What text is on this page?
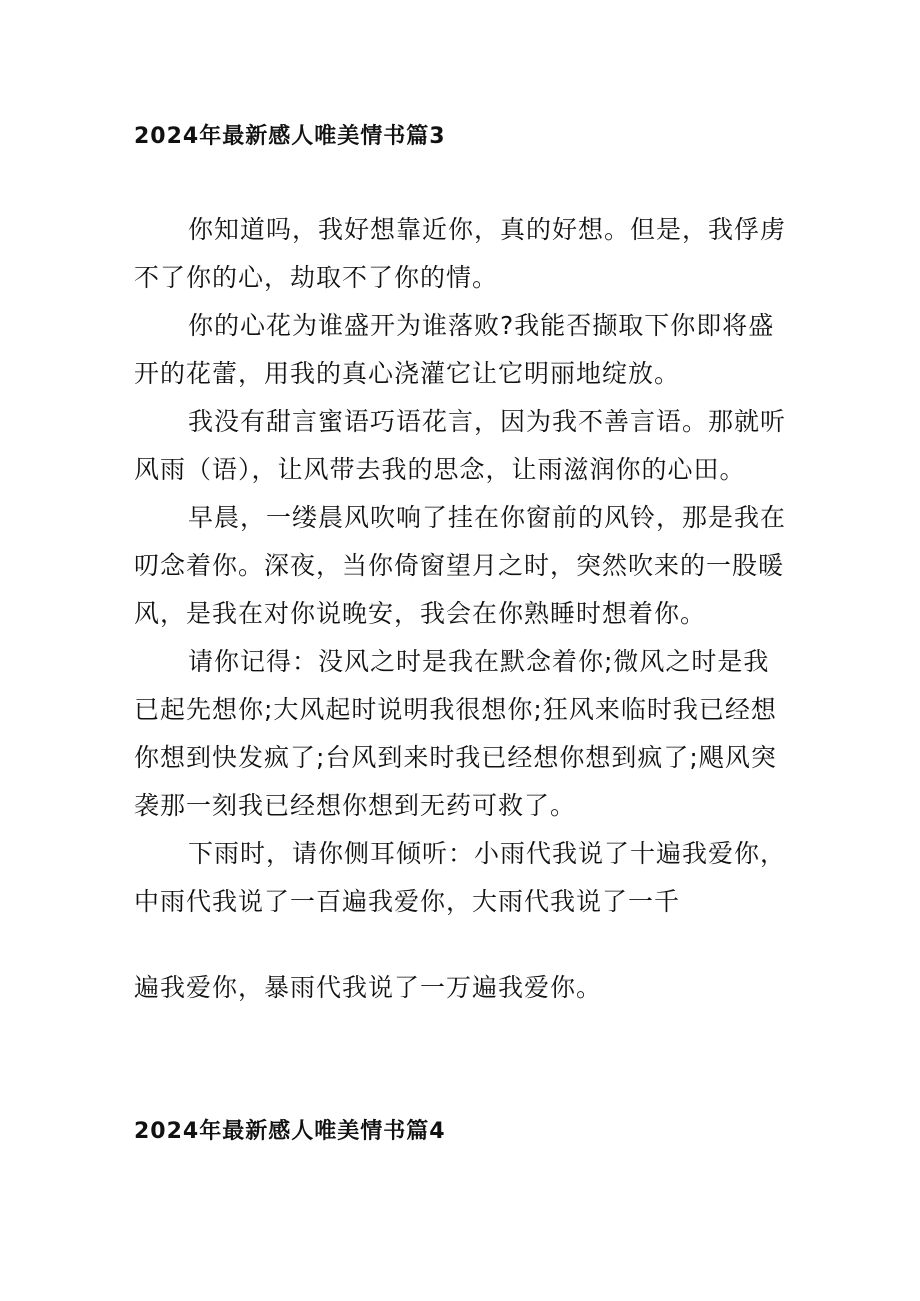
2024年最新感人唯美情书篇3

你知道吗，我好想靠近你，真的好想。但是，我俘虏不了你的心，劫取不了你的情。

你的心花为谁盛开为谁落败?我能否撷取下你即将盛开的花蕾，用我的真心浇灌它让它明丽地绽放。

我没有甜言蜜语巧语花言，因为我不善言语。那就听风雨（语），让风带去我的思念，让雨滋润你的心田。

早晨，一缕晨风吹响了挂在你窗前的风铃，那是我在叨念着你。深夜，当你倚窗望月之时，突然吹来的一股暖风，是我在对你说晚安，我会在你熟睡时想着你。

请你记得：没风之时是我在默念着你;微风之时是我已起先想你;大风起时说明我很想你;狂风来临时我已经想你想到快发疯了;台风到来时我已经想你想到疯了;飓风突袭那一刻我已经想你想到无药可救了。

下雨时，请你侧耳倾听：小雨代我说了十遍我爱你，中雨代我说了一百遍我爱你，大雨代我说了一千

遍我爱你，暴雨代我说了一万遍我爱你。
2024年最新感人唯美情书篇4
